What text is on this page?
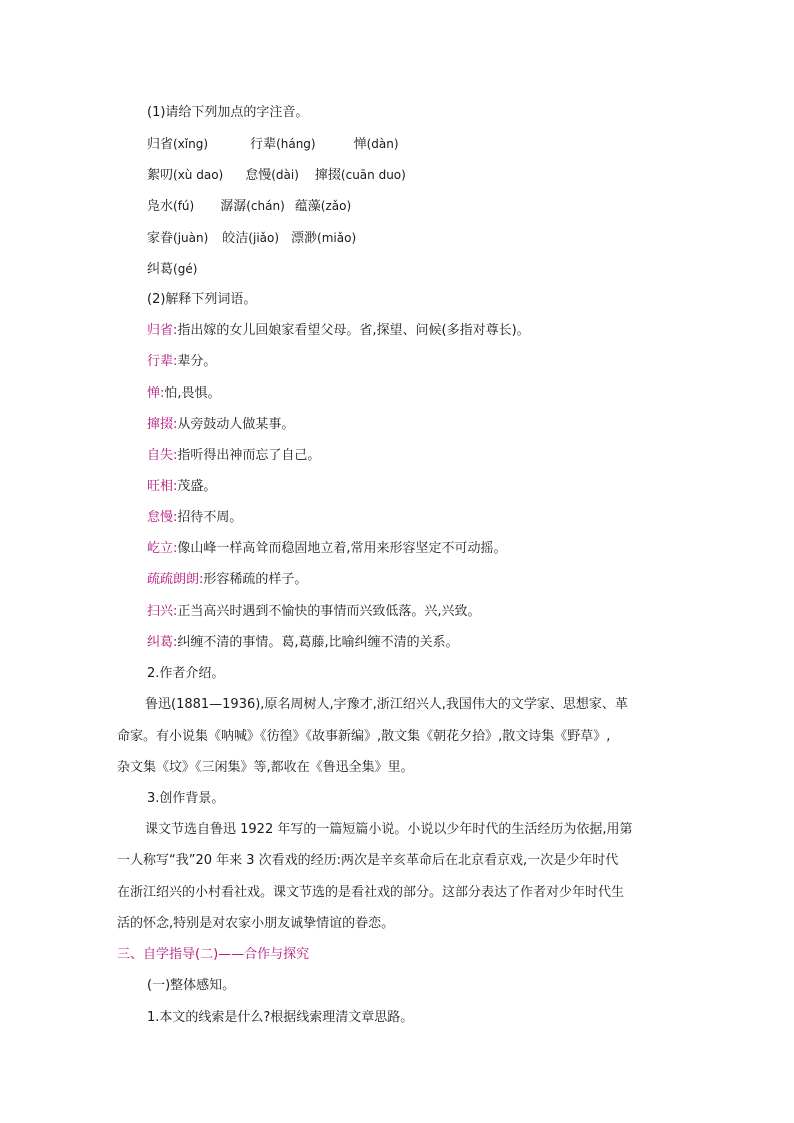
(1)请给下列加点的字注音。
归省(xǐng)	行辈(háng)	惮(dàn)
絮叨(xù dao) 怠慢(dài) 撺掇(cuān duo)
凫水(fú) 潺潺(chán) 蕴藻(zǎo)
家眷(juàn) 皎洁(jiǎo) 漂渺(miǎo)
纠葛(gé)
(2)解释下列词语。
归省:指出嫁的女儿回娘家看望父母。省,探望、问候(多指对尊长)。
行辈:辈分。
惮:怕,畏惧。
撺掇:从旁鼓动人做某事。
自失:指听得出神而忘了自己。
旺相:茂盛。
怠慢:招待不周。
屹立:像山峰一样高耸而稳固地立着,常用来形容坚定不可动摇。
疏疏朗朗:形容稀疏的样子。
扫兴:正当高兴时遇到不愉快的事情而兴致低落。兴,兴致。
纠葛:纠缠不清的事情。葛,葛藤,比喻纠缠不清的关系。
2.作者介绍。
鲁迅(1881—1936),原名周树人,字豫才,浙江绍兴人,我国伟大的文学家、思想家、革
命家。有小说集《呐喊》《彷徨》《故事新编》,散文集《朝花夕拾》,散文诗集《野草》,
杂文集《坟》《三闲集》等,都收在《鲁迅全集》里。
3.创作背景。
课文节选自鲁迅 1922 年写的一篇短篇小说。小说以少年时代的生活经历为依据,用第
一人称写“我”20 年来 3 次看戏的经历:两次是辛亥革命后在北京看京戏,一次是少年时代
在浙江绍兴的小村看社戏。课文节选的是看社戏的部分。这部分表达了作者对少年时代生
活的怀念,特别是对农家小朋友诚挚情谊的眷恋。
三、自学指导(二)——合作与探究
(一)整体感知。
1.本文的线索是什么?根据线索理清文章思路。
